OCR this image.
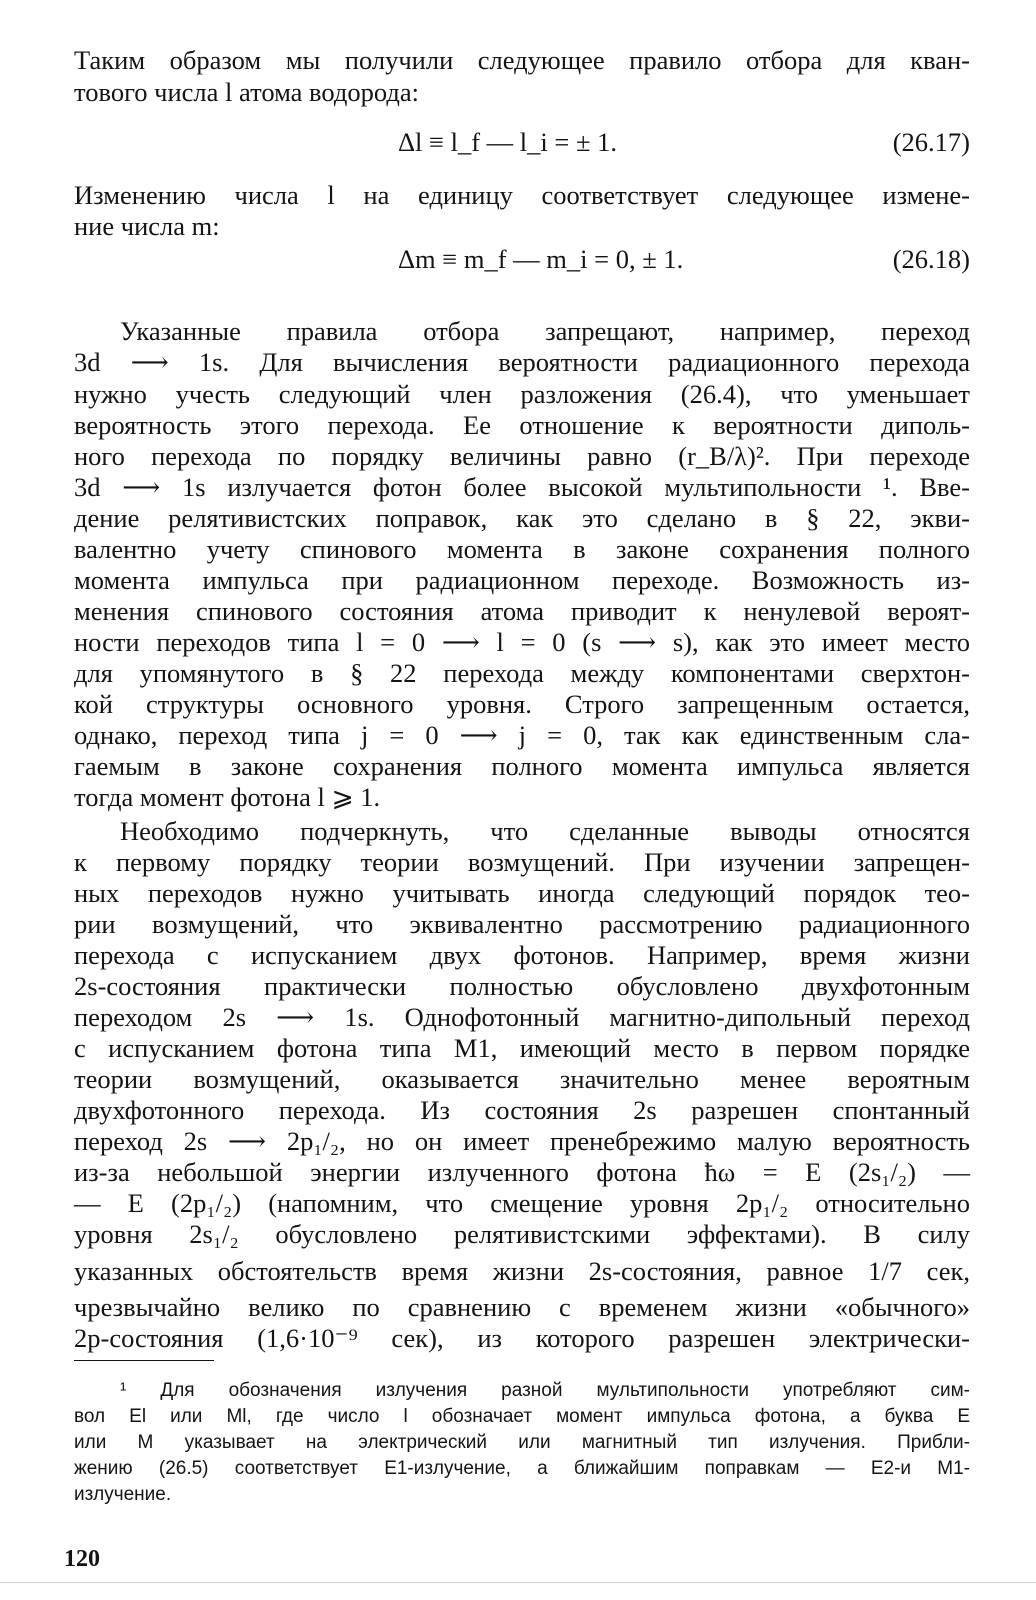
Таким образом мы получили следующее правило отбора для кван-
тового числа l атома водорода:
Δl ≡ l_f — l_i = ± 1.	(26.17)
Изменению числа l на единицу соответствует следующее измене-
ние числа m:
Δm ≡ m_f — m_i = 0, ± 1.	(26.18)
Указанные правила отбора запрещают, например, переход
3d ⟶ 1s. Для вычисления вероятности радиационного перехода
нужно учесть следующий член разложения (26.4), что уменьшает
вероятность этого перехода. Ее отношение к вероятности диполь-
ного перехода по порядку величины равно (r_B/λ)². При переходе
3d ⟶ 1s излучается фотон более высокой мультипольности ¹. Вве-
дение релятивистских поправок, как это сделано в § 22, экви-
валентно учету спинового момента в законе сохранения полного
момента импульса при радиационном переходе. Возможность из-
менения спинового состояния атома приводит к ненулевой вероят-
ности переходов типа l = 0 ⟶ l = 0 (s ⟶ s), как это имеет место
для упомянутого в § 22 перехода между компонентами сверхтон-
кой структуры основного уровня. Строго запрещенным остается,
однако, переход типа j = 0 ⟶ j = 0, так как единственным сла-
гаемым в законе сохранения полного момента импульса является
тогда момент фотона l ⩾ 1.
Необходимо подчеркнуть, что сделанные выводы относятся
к первому порядку теории возмущений. При изучении запрещен-
ных переходов нужно учитывать иногда следующий порядок тео-
рии возмущений, что эквивалентно рассмотрению радиационного
перехода с испусканием двух фотонов. Например, время жизни
2s-состояния практически полностью обусловлено двухфотонным
переходом 2s ⟶ 1s. Однофотонный магнитно-дипольный переход
с испусканием фотона типа M1, имеющий место в первом порядке
теории возмущений, оказывается значительно менее вероятным
двухфотонного перехода. Из состояния 2s разрешен спонтанный
переход 2s ⟶ 2p₁/₂, но он имеет пренебрежимо малую вероятность
из-за небольшой энергии излученного фотона ħω = E (2s₁/₂) —
— E (2p₁/₂) (напомним, что смещение уровня 2p₁/₂ относительно
уровня 2s₁/₂ обусловлено релятивистскими эффектами). В силу
указанных обстоятельств время жизни 2s-состояния, равное 1/7 сек,
чрезвычайно велико по сравнению с временем жизни «обычного»
2p-состояния (1,6·10⁻⁹ сек), из которого разрешен электрически-
¹ Для обозначения излучения разной мультипольности употребляют сим-
вол El или Ml, где число l обозначает момент импульса фотона, а буква E
или M указывает на электрический или магнитный тип излучения. Прибли-
жению (26.5) соответствует E1-излучение, а ближайшим поправкам — E2-и M1-
излучение.
120
